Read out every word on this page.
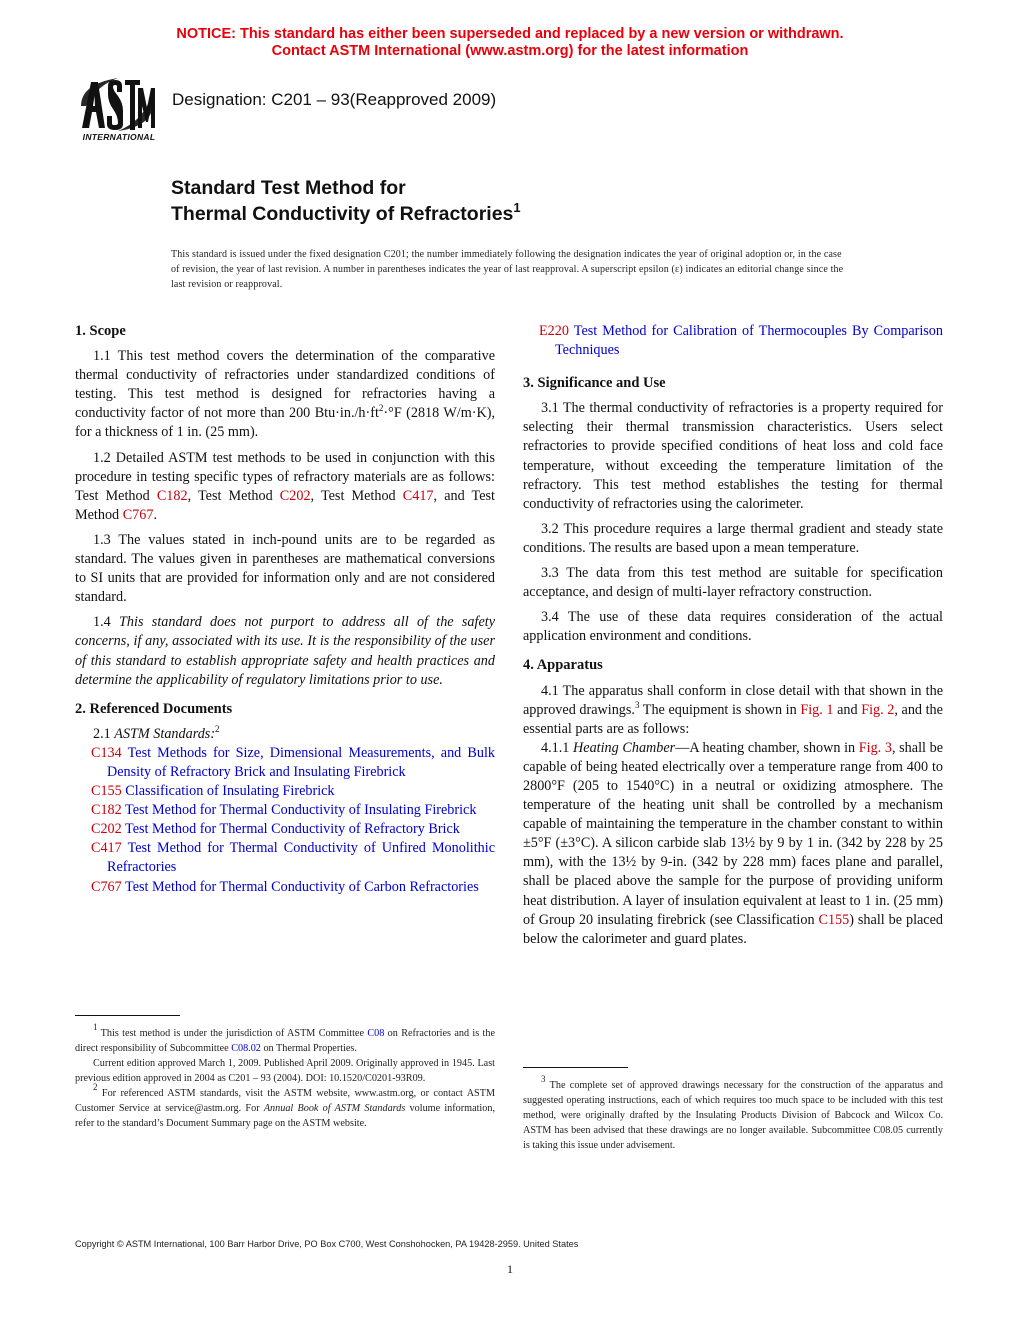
NOTICE: This standard has either been superseded and replaced by a new version or withdrawn.
Contact ASTM International (www.astm.org) for the latest information
INTERNATIONAL
Designation: C201 – 93(Reapproved 2009)
Standard Test Method for
Thermal Conductivity of Refractories$^1$
This standard is issued under the fixed designation C201; the number immediately following the designation indicates the year of original adoption or, in the case of revision, the year of last revision. A number in parentheses indicates the year of last reapproval. A superscript epsilon (ε) indicates an editorial change since the last revision or reapproval.
1. Scope
1.1 This test method covers the determination of the comparative thermal conductivity of refractories under standardized conditions of testing. This test method is designed for refractories having a conductivity factor of not more than 200 $Btu\cdot in./h\cdot ft^2\cdot^\circ F$ (2818 W/m·K), for a thickness of 1 in. (25 mm).
1.2 Detailed ASTM test methods to be used in conjunction with this procedure in testing specific types of refractory materials are as follows: Test Method C182, Test Method C202, Test Method C417, and Test Method C767.
1.3 The values stated in inch-pound units are to be regarded as standard. The values given in parentheses are mathematical conversions to SI units that are provided for information only and are not considered standard.
1.4 This standard does not purport to address all of the safety concerns, if any, associated with its use. It is the responsibility of the user of this standard to establish appropriate safety and health practices and determine the applicability of regulatory limitations prior to use.
2. Referenced Documents
2.1 ASTM Standards:$^2$
C134 Test Methods for Size, Dimensional Measurements, and Bulk Density of Refractory Brick and Insulating Firebrick
C155 Classification of Insulating Firebrick
C182 Test Method for Thermal Conductivity of Insulating Firebrick
C202 Test Method for Thermal Conductivity of Refractory Brick
C417 Test Method for Thermal Conductivity of Unfired Monolithic Refractories
C767 Test Method for Thermal Conductivity of Carbon Refractories
E220 Test Method for Calibration of Thermocouples By Comparison Techniques
3. Significance and Use
3.1 The thermal conductivity of refractories is a property required for selecting their thermal transmission characteristics. Users select refractories to provide specified conditions of heat loss and cold face temperature, without exceeding the temperature limitation of the refractory. This test method establishes the testing for thermal conductivity of refractories using the calorimeter.
3.2 This procedure requires a large thermal gradient and steady state conditions. The results are based upon a mean temperature.
3.3 The data from this test method are suitable for specification acceptance, and design of multi-layer refractory construction.
3.4 The use of these data requires consideration of the actual application environment and conditions.
4. Apparatus
4.1 The apparatus shall conform in close detail with that shown in the approved drawings.$^3$ The equipment is shown in Fig. 1 and Fig. 2, and the essential parts are as follows:
4.1.1 Heating Chamber—A heating chamber, shown in Fig. 3, shall be capable of being heated electrically over a temperature range from 400 to 2800°F (205 to 1540°C) in a neutral or oxidizing atmosphere. The temperature of the heating unit shall be controlled by a mechanism capable of maintaining the temperature in the chamber constant to within ±5°F (±3°C). A silicon carbide slab 13½ by 9 by 1 in. (342 by 228 by 25 mm), with the 13½ by 9-in. (342 by 228 mm) faces plane and parallel, shall be placed above the sample for the purpose of providing uniform heat distribution. A layer of insulation equivalent at least to 1 in. (25 mm) of Group 20 insulating firebrick (see Classification C155) shall be placed below the calorimeter and guard plates.
$^1$ This test method is under the jurisdiction of ASTM Committee C08 on Refractories and is the direct responsibility of Subcommittee C08.02 on Thermal Properties.
Current edition approved March 1, 2009. Published April 2009. Originally approved in 1945. Last previous edition approved in 2004 as C201 – 93 (2004). DOI: 10.1520/C0201-93R09.
$^2$ For referenced ASTM standards, visit the ASTM website, www.astm.org, or contact ASTM Customer Service at service@astm.org. For Annual Book of ASTM Standards volume information, refer to the standard’s Document Summary page on the ASTM website.
$^3$ The complete set of approved drawings necessary for the construction of the apparatus and suggested operating instructions, each of which requires too much space to be included with this test method, were originally drafted by the Insulating Products Division of Babcock and Wilcox Co. ASTM has been advised that these drawings are no longer available. Subcommittee C08.05 currently is taking this issue under advisement.
Copyright © ASTM International, 100 Barr Harbor Drive, PO Box C700, West Conshohocken, PA 19428-2959. United States
1
